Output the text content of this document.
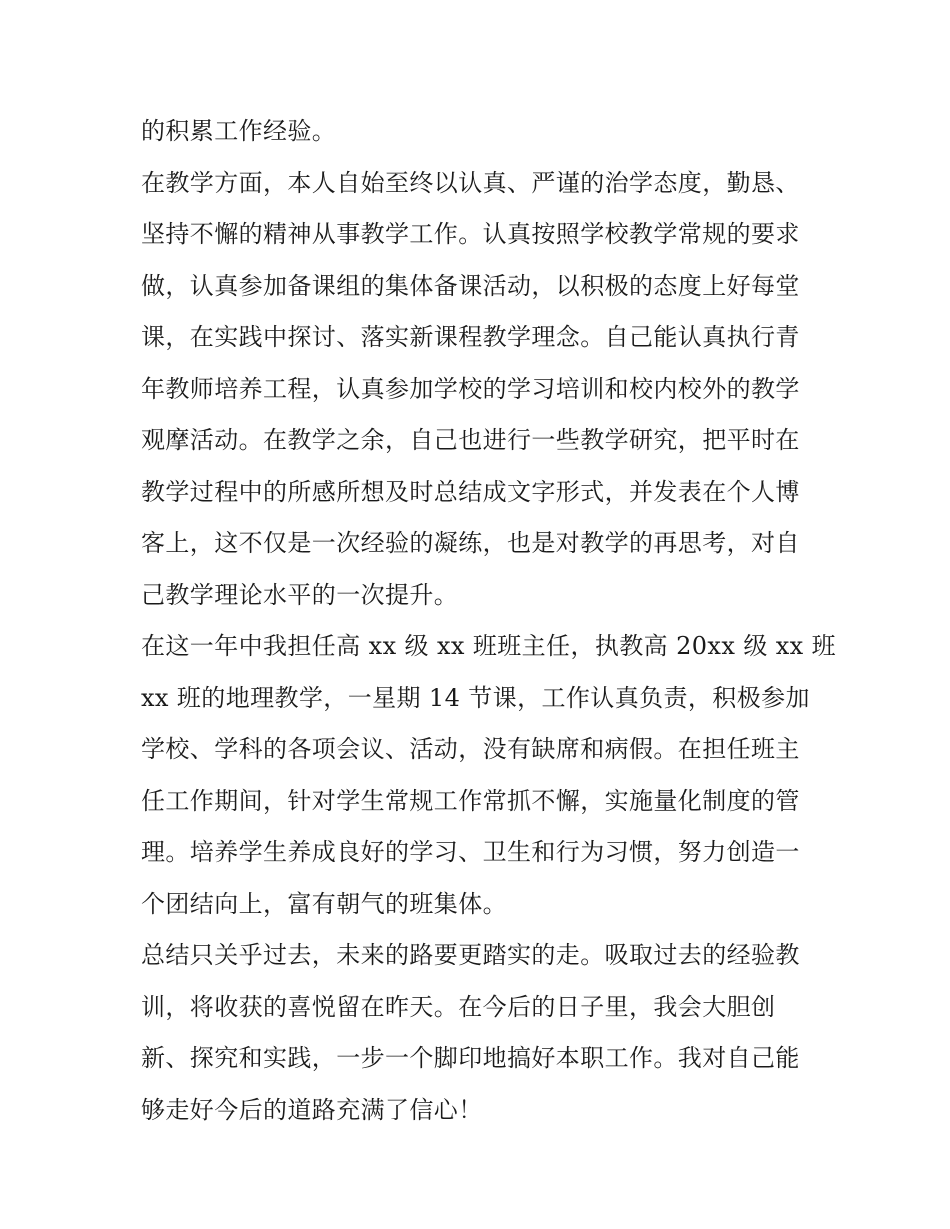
的积累工作经验。
在教学方面，本人自始至终以认真、严谨的治学态度，勤恳、
坚持不懈的精神从事教学工作。认真按照学校教学常规的要求
做，认真参加备课组的集体备课活动，以积极的态度上好每堂
课，在实践中探讨、落实新课程教学理念。自己能认真执行青
年教师培养工程，认真参加学校的学习培训和校内校外的教学
观摩活动。在教学之余，自己也进行一些教学研究，把平时在
教学过程中的所感所想及时总结成文字形式，并发表在个人博
客上，这不仅是一次经验的凝练，也是对教学的再思考，对自
己教学理论水平的一次提升。
在这一年中我担任高 xx 级 xx 班班主任，执教高 20xx 级 xx 班
xx 班的地理教学，一星期 14 节课，工作认真负责，积极参加
学校、学科的各项会议、活动，没有缺席和病假。在担任班主
任工作期间，针对学生常规工作常抓不懈，实施量化制度的管
理。培养学生养成良好的学习、卫生和行为习惯，努力创造一
个团结向上，富有朝气的班集体。
总结只关乎过去，未来的路要更踏实的走。吸取过去的经验教
训，将收获的喜悦留在昨天。在今后的日子里，我会大胆创
新、探究和实践，一步一个脚印地搞好本职工作。我对自己能
够走好今后的道路充满了信心！
